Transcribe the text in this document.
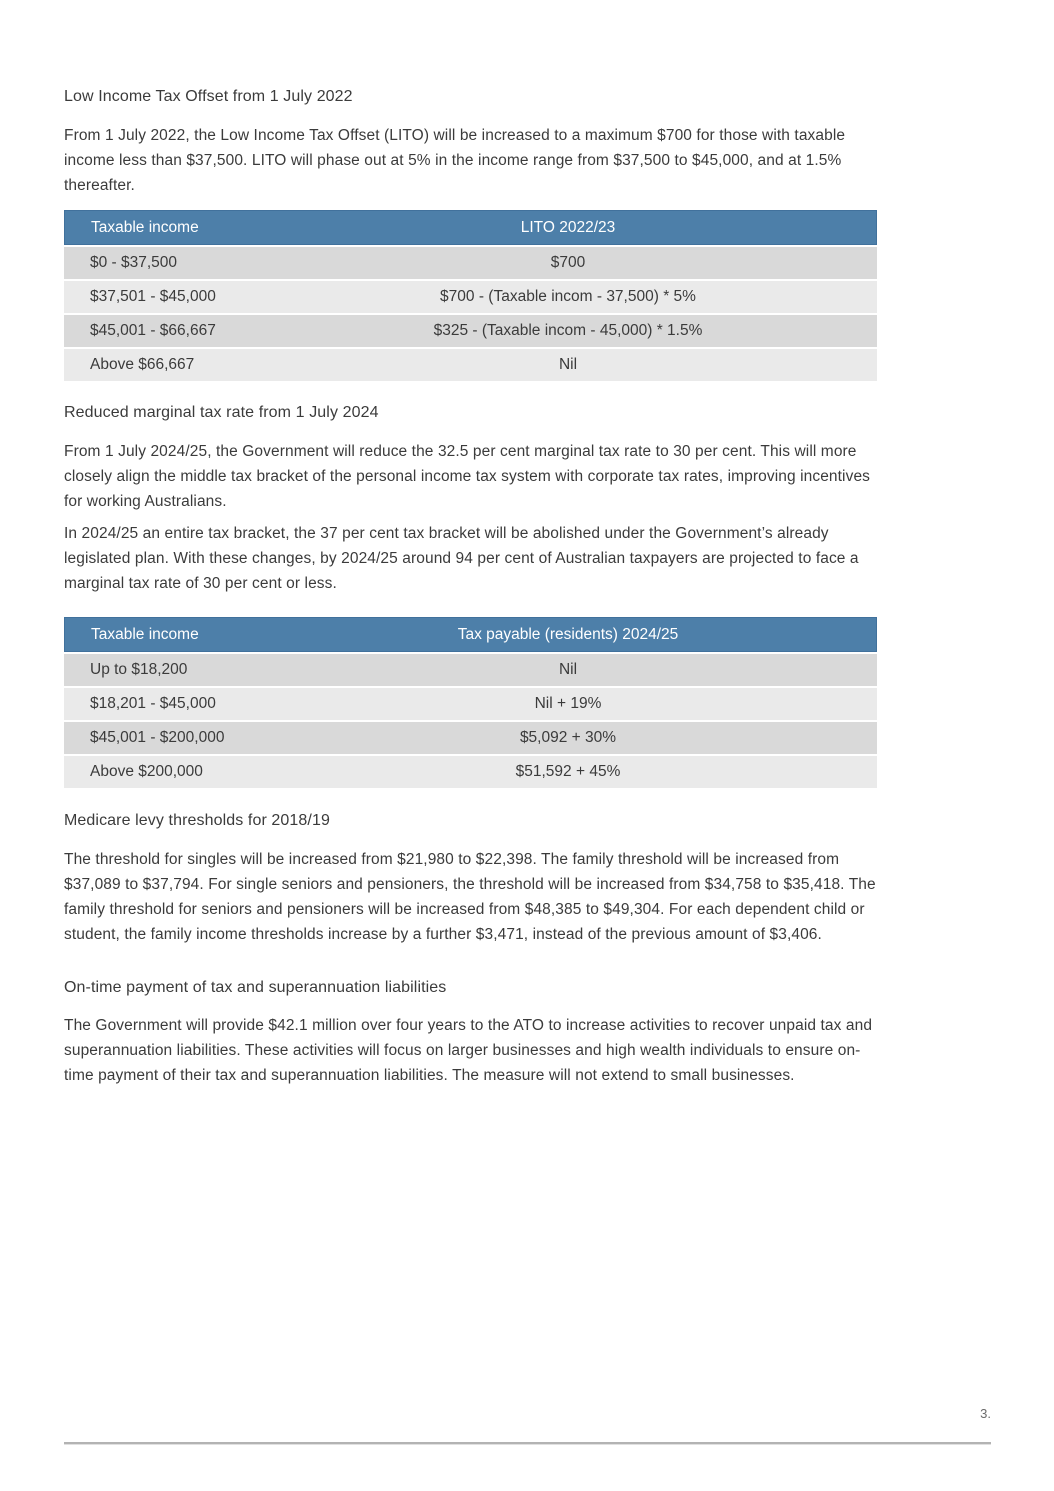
Low Income Tax Offset from 1 July 2022

From 1 July 2022, the Low Income Tax Offset (LITO) will be increased to a maximum $700 for those with taxable income less than $37,500. LITO will phase out at 5% in the income range from $37,500 to $45,000, and at 1.5% thereafter.

Taxable income	LITO 2022/23
$0 - $37,500	$700
$37,501 - $45,000	$700 - (Taxable incom - 37,500) * 5%
$45,001 - $66,667	$325 - (Taxable incom - 45,000) * 1.5%
Above $66,667	Nil
Reduced marginal tax rate from 1 July 2024

From 1 July 2024/25, the Government will reduce the 32.5 per cent marginal tax rate to 30 per cent. This will more closely align the middle tax bracket of the personal income tax system with corporate tax rates, improving incentives for working Australians.

In 2024/25 an entire tax bracket, the 37 per cent tax bracket will be abolished under the Government’s already legislated plan. With these changes, by 2024/25 around 94 per cent of Australian taxpayers are projected to face a marginal tax rate of 30 per cent or less.

Taxable income	Tax payable (residents) 2024/25
Up to $18,200	Nil
$18,201 - $45,000	Nil + 19%
$45,001 - $200,000	$5,092 + 30%
Above $200,000	$51,592 + 45%
Medicare levy thresholds for 2018/19

The threshold for singles will be increased from $21,980 to $22,398. The family threshold will be increased from $37,089 to $37,794. For single seniors and pensioners, the threshold will be increased from $34,758 to $35,418. The family threshold for seniors and pensioners will be increased from $48,385 to $49,304. For each dependent child or student, the family income thresholds increase by a further $3,471, instead of the previous amount of $3,406.

On-time payment of tax and superannuation liabilities

The Government will provide $42.1 million over four years to the ATO to increase activities to recover unpaid tax and superannuation liabilities. These activities will focus on larger businesses and high wealth individuals to ensure on-time payment of their tax and superannuation liabilities. The measure will not extend to small businesses.

3.
